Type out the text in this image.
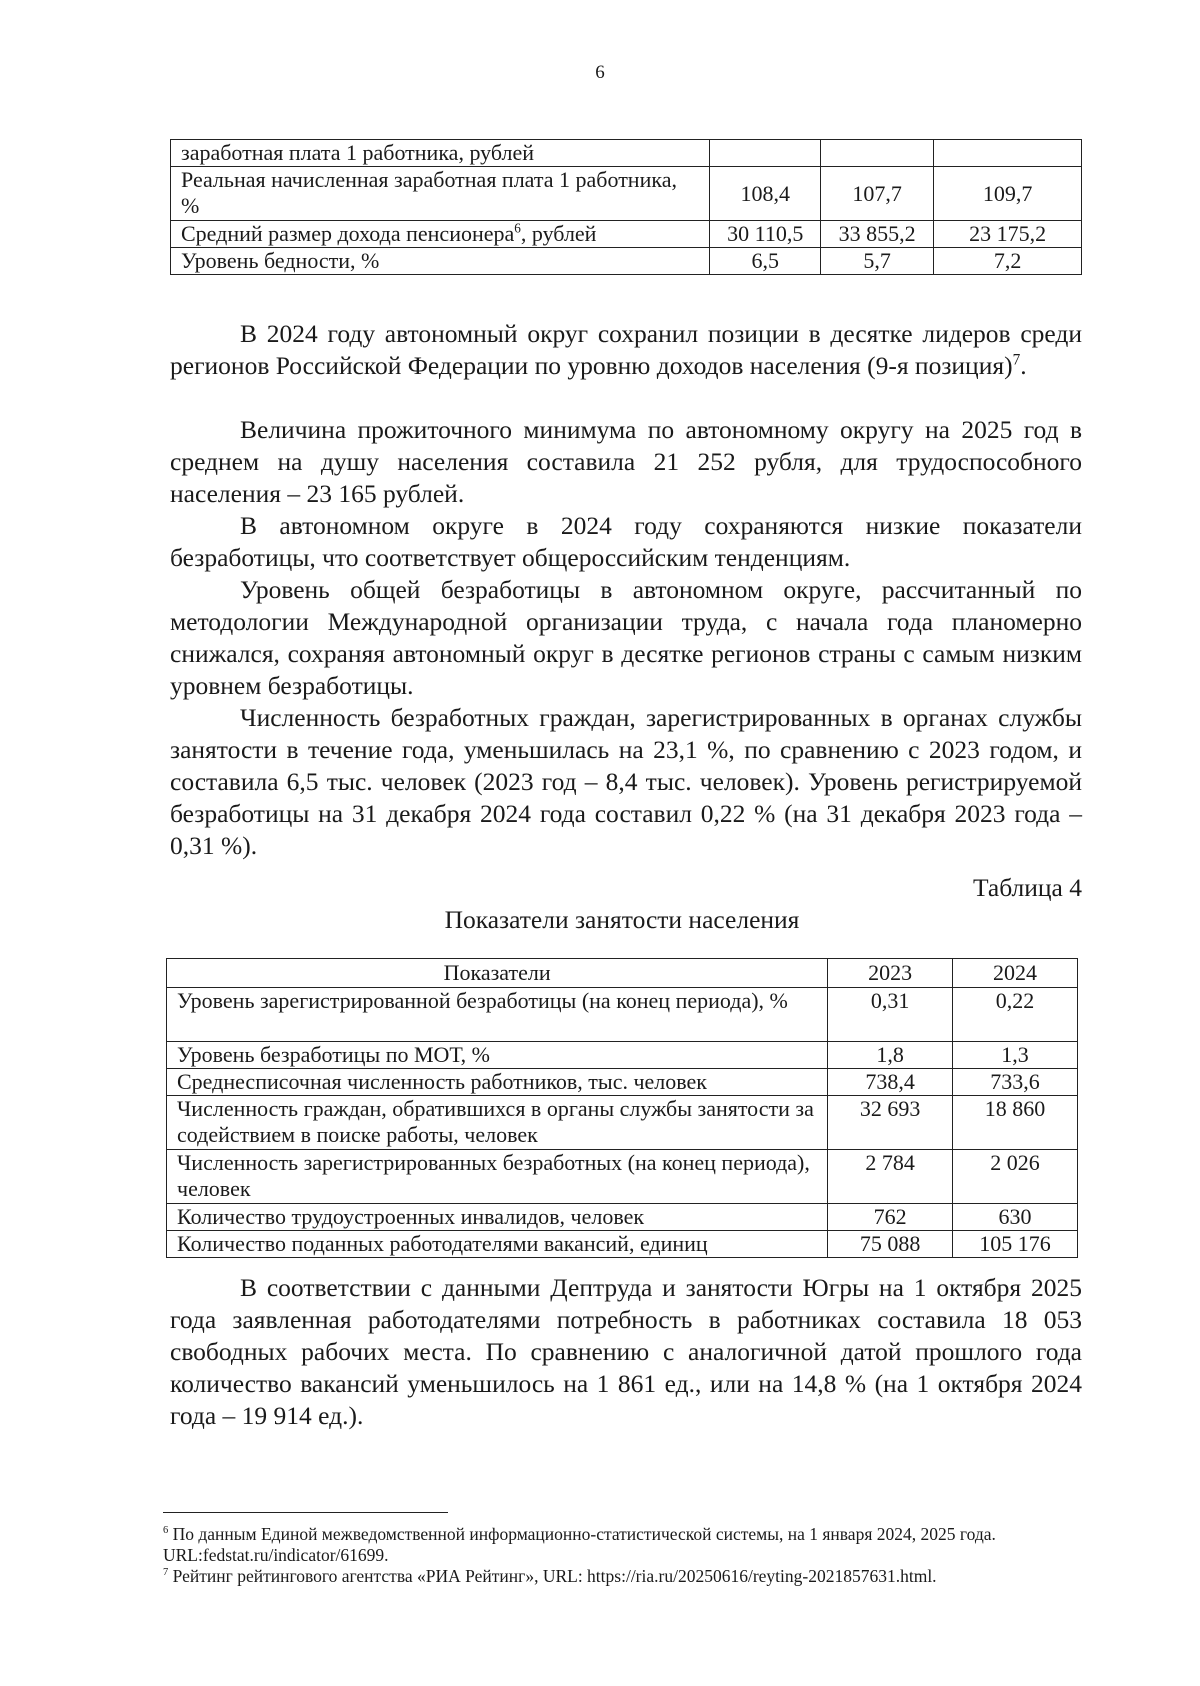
6
заработная плата 1 работника, рублей			
Реальная начисленная заработная плата 1 работника, %	108,4	107,7	109,7
Средний размер дохода пенсионера$^6$, рублей	30 110,5	33 855,2	23 175,2
Уровень бедности, %	6,5	5,7	7,2

В 2024 году автономный округ сохранил позиции в десятке лидеров среди регионов Российской Федерации по уровню доходов населения (9-я позиция)$^7$.

Величина прожиточного минимума по автономному округу на 2025 год в среднем на душу населения составила 21 252 рубля, для трудоспособного населения – 23 165 рублей.

В автономном округе в 2024 году сохраняются низкие показатели безработицы, что соответствует общероссийским тенденциям.

Уровень общей безработицы в автономном округе, рассчитанный по методологии Международной организации труда, с начала года планомерно снижался, сохраняя автономный округ в десятке регионов страны с самым низким уровнем безработицы.

Численность безработных граждан, зарегистрированных в органах службы занятости в течение года, уменьшилась на 23,1 %, по сравнению с 2023 годом, и составила 6,5 тыс. человек (2023 год – 8,4 тыс. человек). Уровень регистрируемой безработицы на 31 декабря 2024 года составил 0,22 % (на 31 декабря 2023 года – 0,31 %).

Таблица 4
Показатели занятости населения
Показатели	2023	2024
Уровень зарегистрированной безработицы (на конец периода), %	0,31	0,22
Уровень безработицы по МОТ, %	1,8	1,3
Среднесписочная численность работников, тыс. человек	738,4	733,6
Численность граждан, обратившихся в органы службы занятости за содействием в поиске работы, человек	32 693	18 860
Численность зарегистрированных безработных (на конец периода), человек	2 784	2 026
Количество трудоустроенных инвалидов, человек	762	630
Количество поданных работодателями вакансий, единиц	75 088	105 176

В соответствии с данными Дептруда и занятости Югры на 1 октября 2025 года заявленная работодателями потребность в работниках составила 18 053 свободных рабочих места. По сравнению с аналогичной датой прошлого года количество вакансий уменьшилось на 1 861 ед., или на 14,8 % (на 1 октября 2024 года – 19 914 ед.).

$^6$ По данным Единой межведомственной информационно-статистической системы, на 1 января 2024, 2025 года. URL:fedstat.ru/indicator/61699.

$^7$ Рейтинг рейтингового агентства «РИА Рейтинг», URL: https://ria.ru/20250616/reyting-2021857631.html.
